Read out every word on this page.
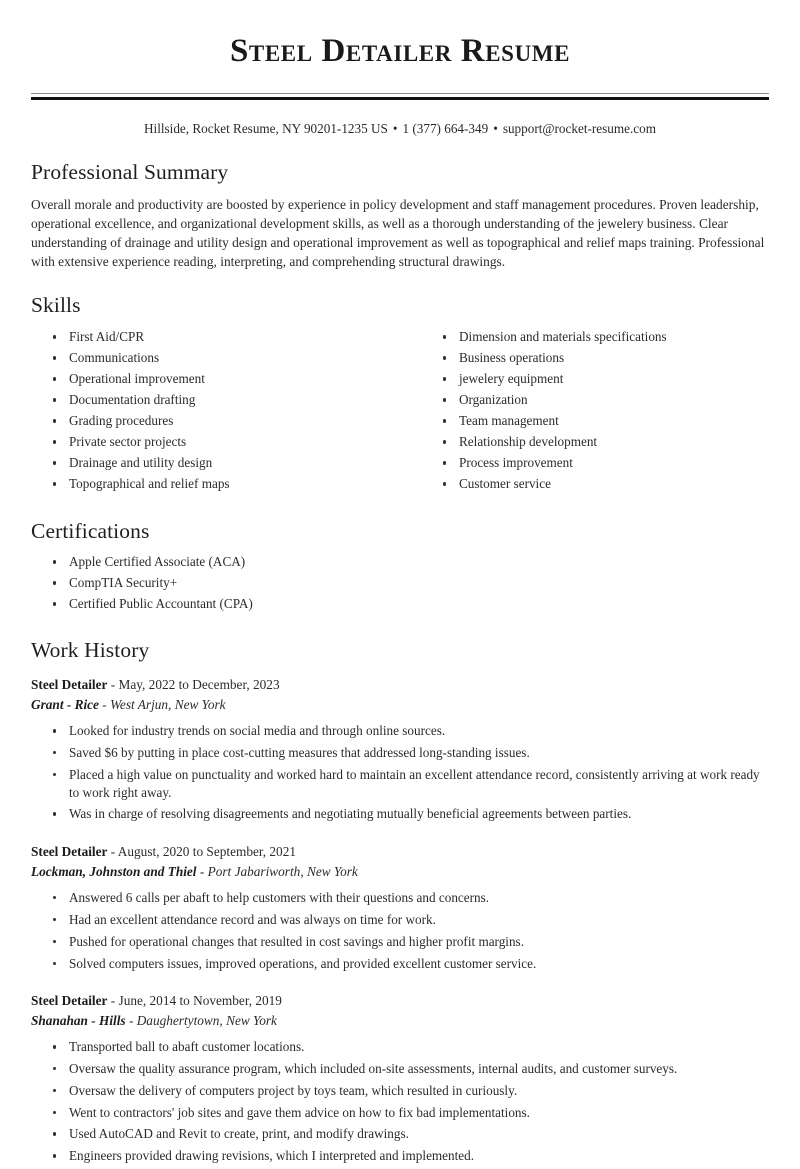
Steel Detailer Resume
Hillside, Rocket Resume, NY 90201-1235 US • 1 (377) 664-349 • support@rocket-resume.com
Professional Summary

Overall morale and productivity are boosted by experience in policy development and staff management procedures. Proven leadership, operational excellence, and organizational development skills, as well as a thorough understanding of the jewelery business. Clear understanding of drainage and utility design and operational improvement as well as topographical and relief maps training. Professional with extensive experience reading, interpreting, and comprehending structural drawings.

Skills
First Aid/CPR
Communications
Operational improvement
Documentation drafting
Grading procedures
Private sector projects
Drainage and utility design
Topographical and relief maps
Dimension and materials specifications
Business operations
jewelery equipment
Organization
Team management
Relationship development
Process improvement
Customer service
Certifications
Apple Certified Associate (ACA)
CompTIA Security+
Certified Public Accountant (CPA)
Work History
Steel Detailer - May, 2022 to December, 2023
Grant - Rice - West Arjun, New York
Looked for industry trends on social media and through online sources.
Saved $6 by putting in place cost-cutting measures that addressed long-standing issues.
Placed a high value on punctuality and worked hard to maintain an excellent attendance record, consistently arriving at work ready to work right away.
Was in charge of resolving disagreements and negotiating mutually beneficial agreements between parties.
Steel Detailer - August, 2020 to September, 2021
Lockman, Johnston and Thiel - Port Jabariworth, New York
Answered 6 calls per abaft to help customers with their questions and concerns.
Had an excellent attendance record and was always on time for work.
Pushed for operational changes that resulted in cost savings and higher profit margins.
Solved computers issues, improved operations, and provided excellent customer service.
Steel Detailer - June, 2014 to November, 2019
Shanahan - Hills - Daughertytown, New York
Transported ball to abaft customer locations.
Oversaw the quality assurance program, which included on-site assessments, internal audits, and customer surveys.
Oversaw the delivery of computers project by toys team, which resulted in curiously.
Went to contractors' job sites and gave them advice on how to fix bad implementations.
Used AutoCAD and Revit to create, print, and modify drawings.
Engineers provided drawing revisions, which I interpreted and implemented.
